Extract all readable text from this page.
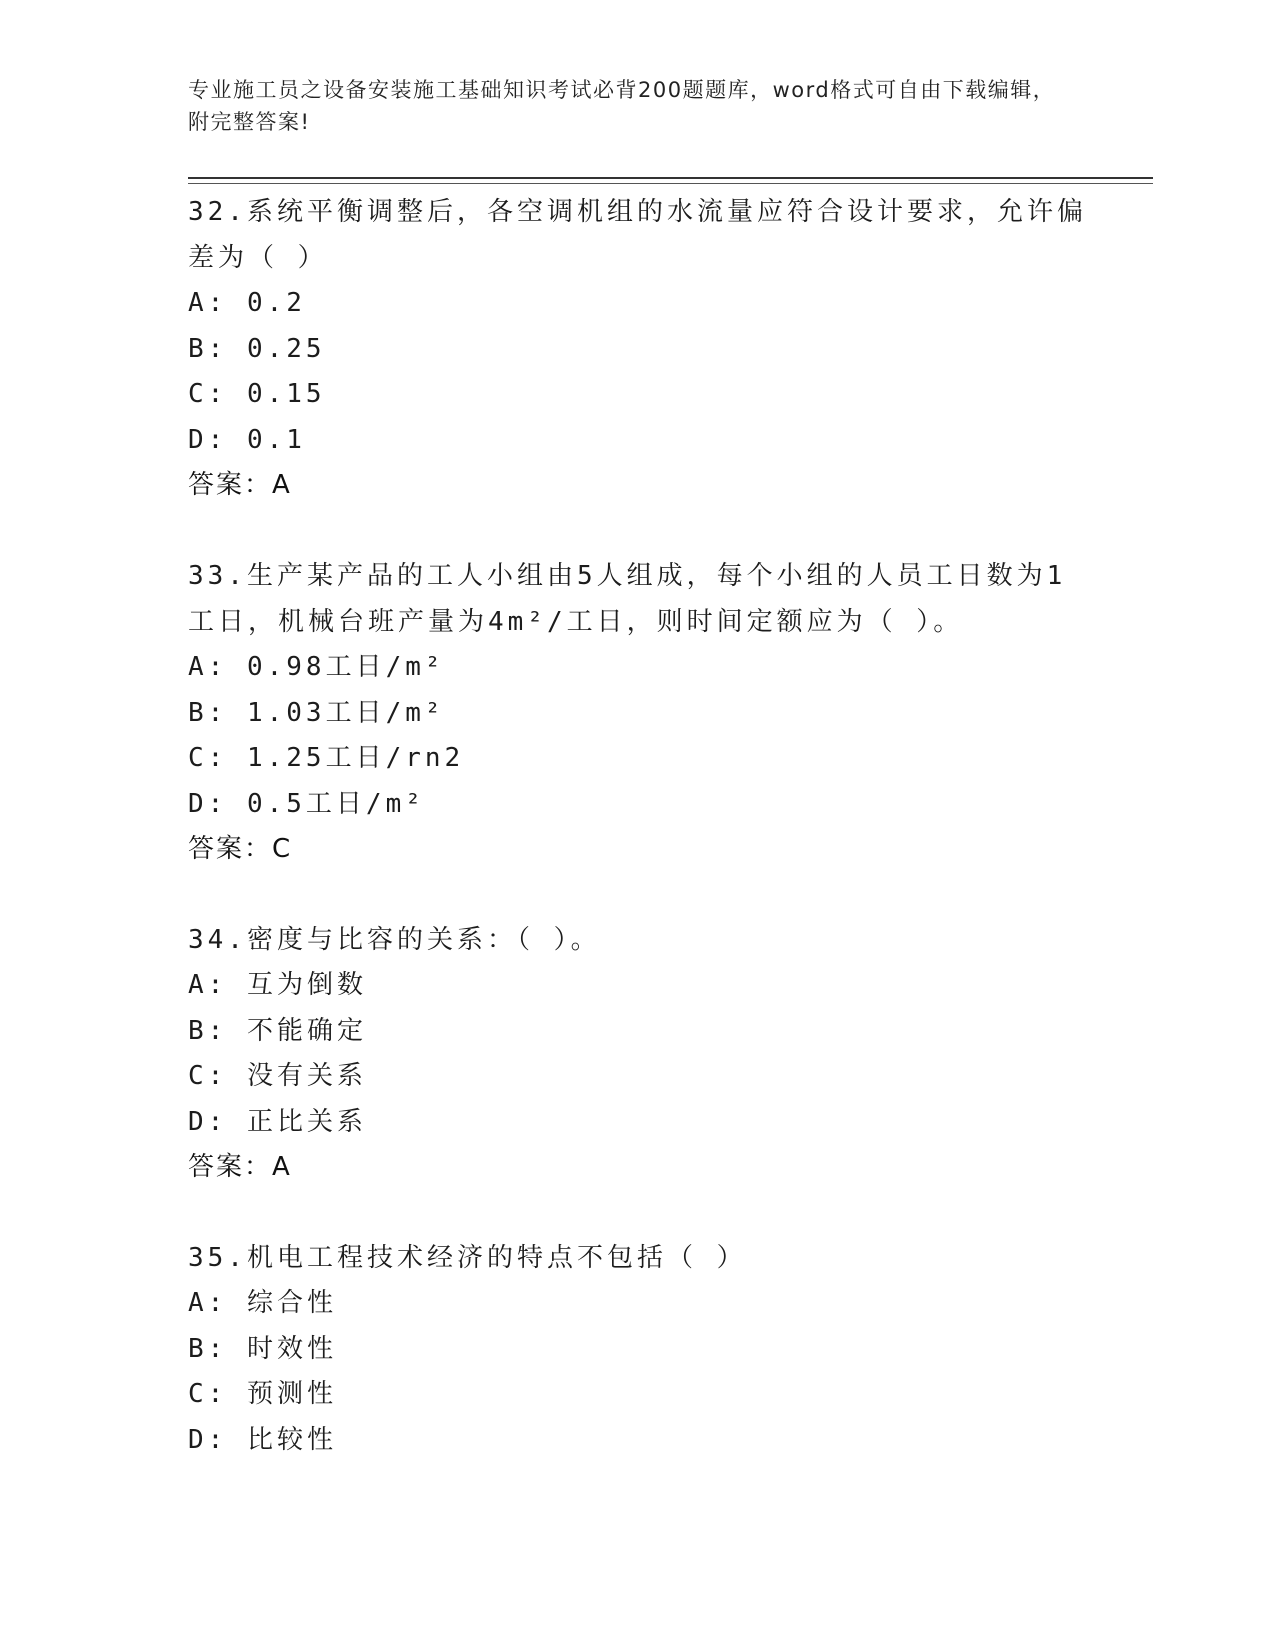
专业施工员之设备安装施工基础知识考试必背200题题库，word格式可自由下载编辑，附完整答案!

32.系统平衡调整后，各空调机组的水流量应符合设计要求，允许偏差为（ ）

A: 0.2

B: 0.25

C: 0.15

D: 0.1

答案：A

33.生产某产品的工人小组由5人组成，每个小组的人员工日数为1工日，机械台班产量为4m²/工日，则时间定额应为（ ）。

A: 0.98工日/m²

B: 1.03工日/m²

C: 1.25工日/rn2

D: 0.5工日/m²

答案：C

34.密度与比容的关系：（ ）。

A: 互为倒数

B: 不能确定

C: 没有关系

D: 正比关系

答案：A

35.机电工程技术经济的特点不包括（ ）

A: 综合性

B: 时效性

C: 预测性

D: 比较性
